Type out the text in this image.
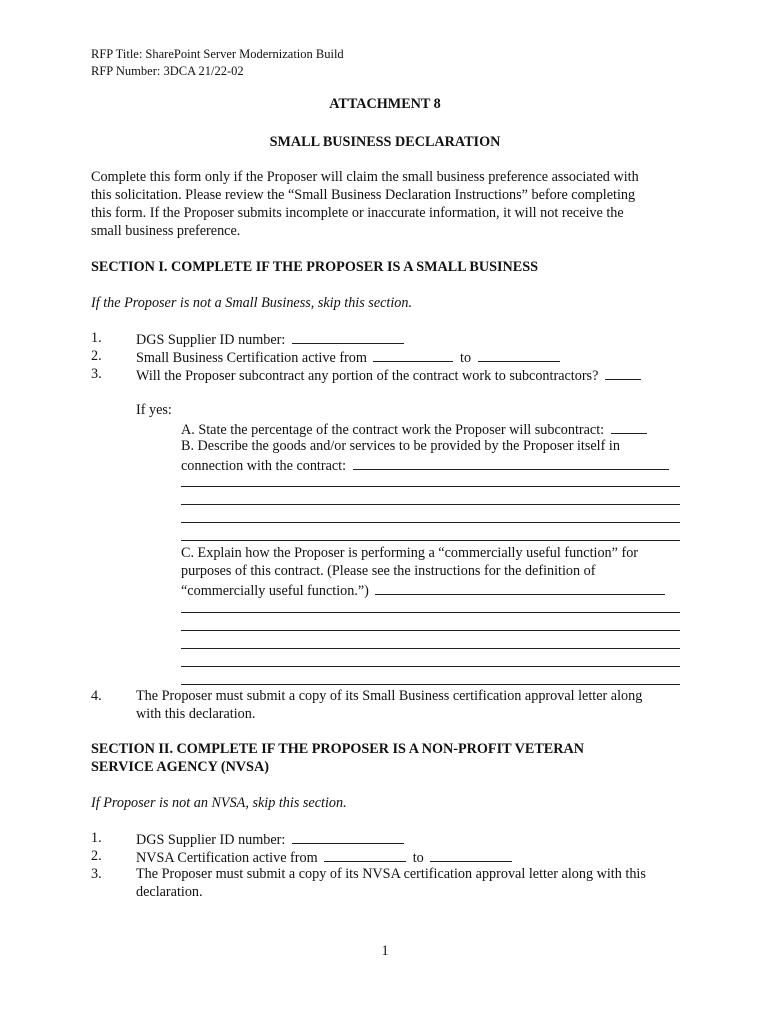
RFP Title: SharePoint Server Modernization Build
RFP Number: 3DCA 21/22-02
ATTACHMENT 8
SMALL BUSINESS DECLARATION
Complete this form only if the Proposer will claim the small business preference associated with
this solicitation. Please review the “Small Business Declaration Instructions” before completing
this form. If the Proposer submits incomplete or inaccurate information, it will not receive the
small business preference.
SECTION I. COMPLETE IF THE PROPOSER IS A SMALL BUSINESS
If the Proposer is not a Small Business, skip this section.
1. DGS Supplier ID number:
2. Small Business Certification active from	to
3. Will the Proposer subcontract any portion of the contract work to subcontractors?
If yes:
A. State the percentage of the contract work the Proposer will subcontract:
B. Describe the goods and/or services to be provided by the Proposer itself in
connection with the contract:
C. Explain how the Proposer is performing a “commercially useful function” for
purposes of this contract. (Please see the instructions for the definition of
“commercially useful function.”)
4. The Proposer must submit a copy of its Small Business certification approval letter along
with this declaration.
SECTION II. COMPLETE IF THE PROPOSER IS A NON-PROFIT VETERAN
SERVICE AGENCY (NVSA)
If Proposer is not an NVSA, skip this section.
1. DGS Supplier ID number:
2. NVSA Certification active from	to
3. The Proposer must submit a copy of its NVSA certification approval letter along with this
declaration.
1
